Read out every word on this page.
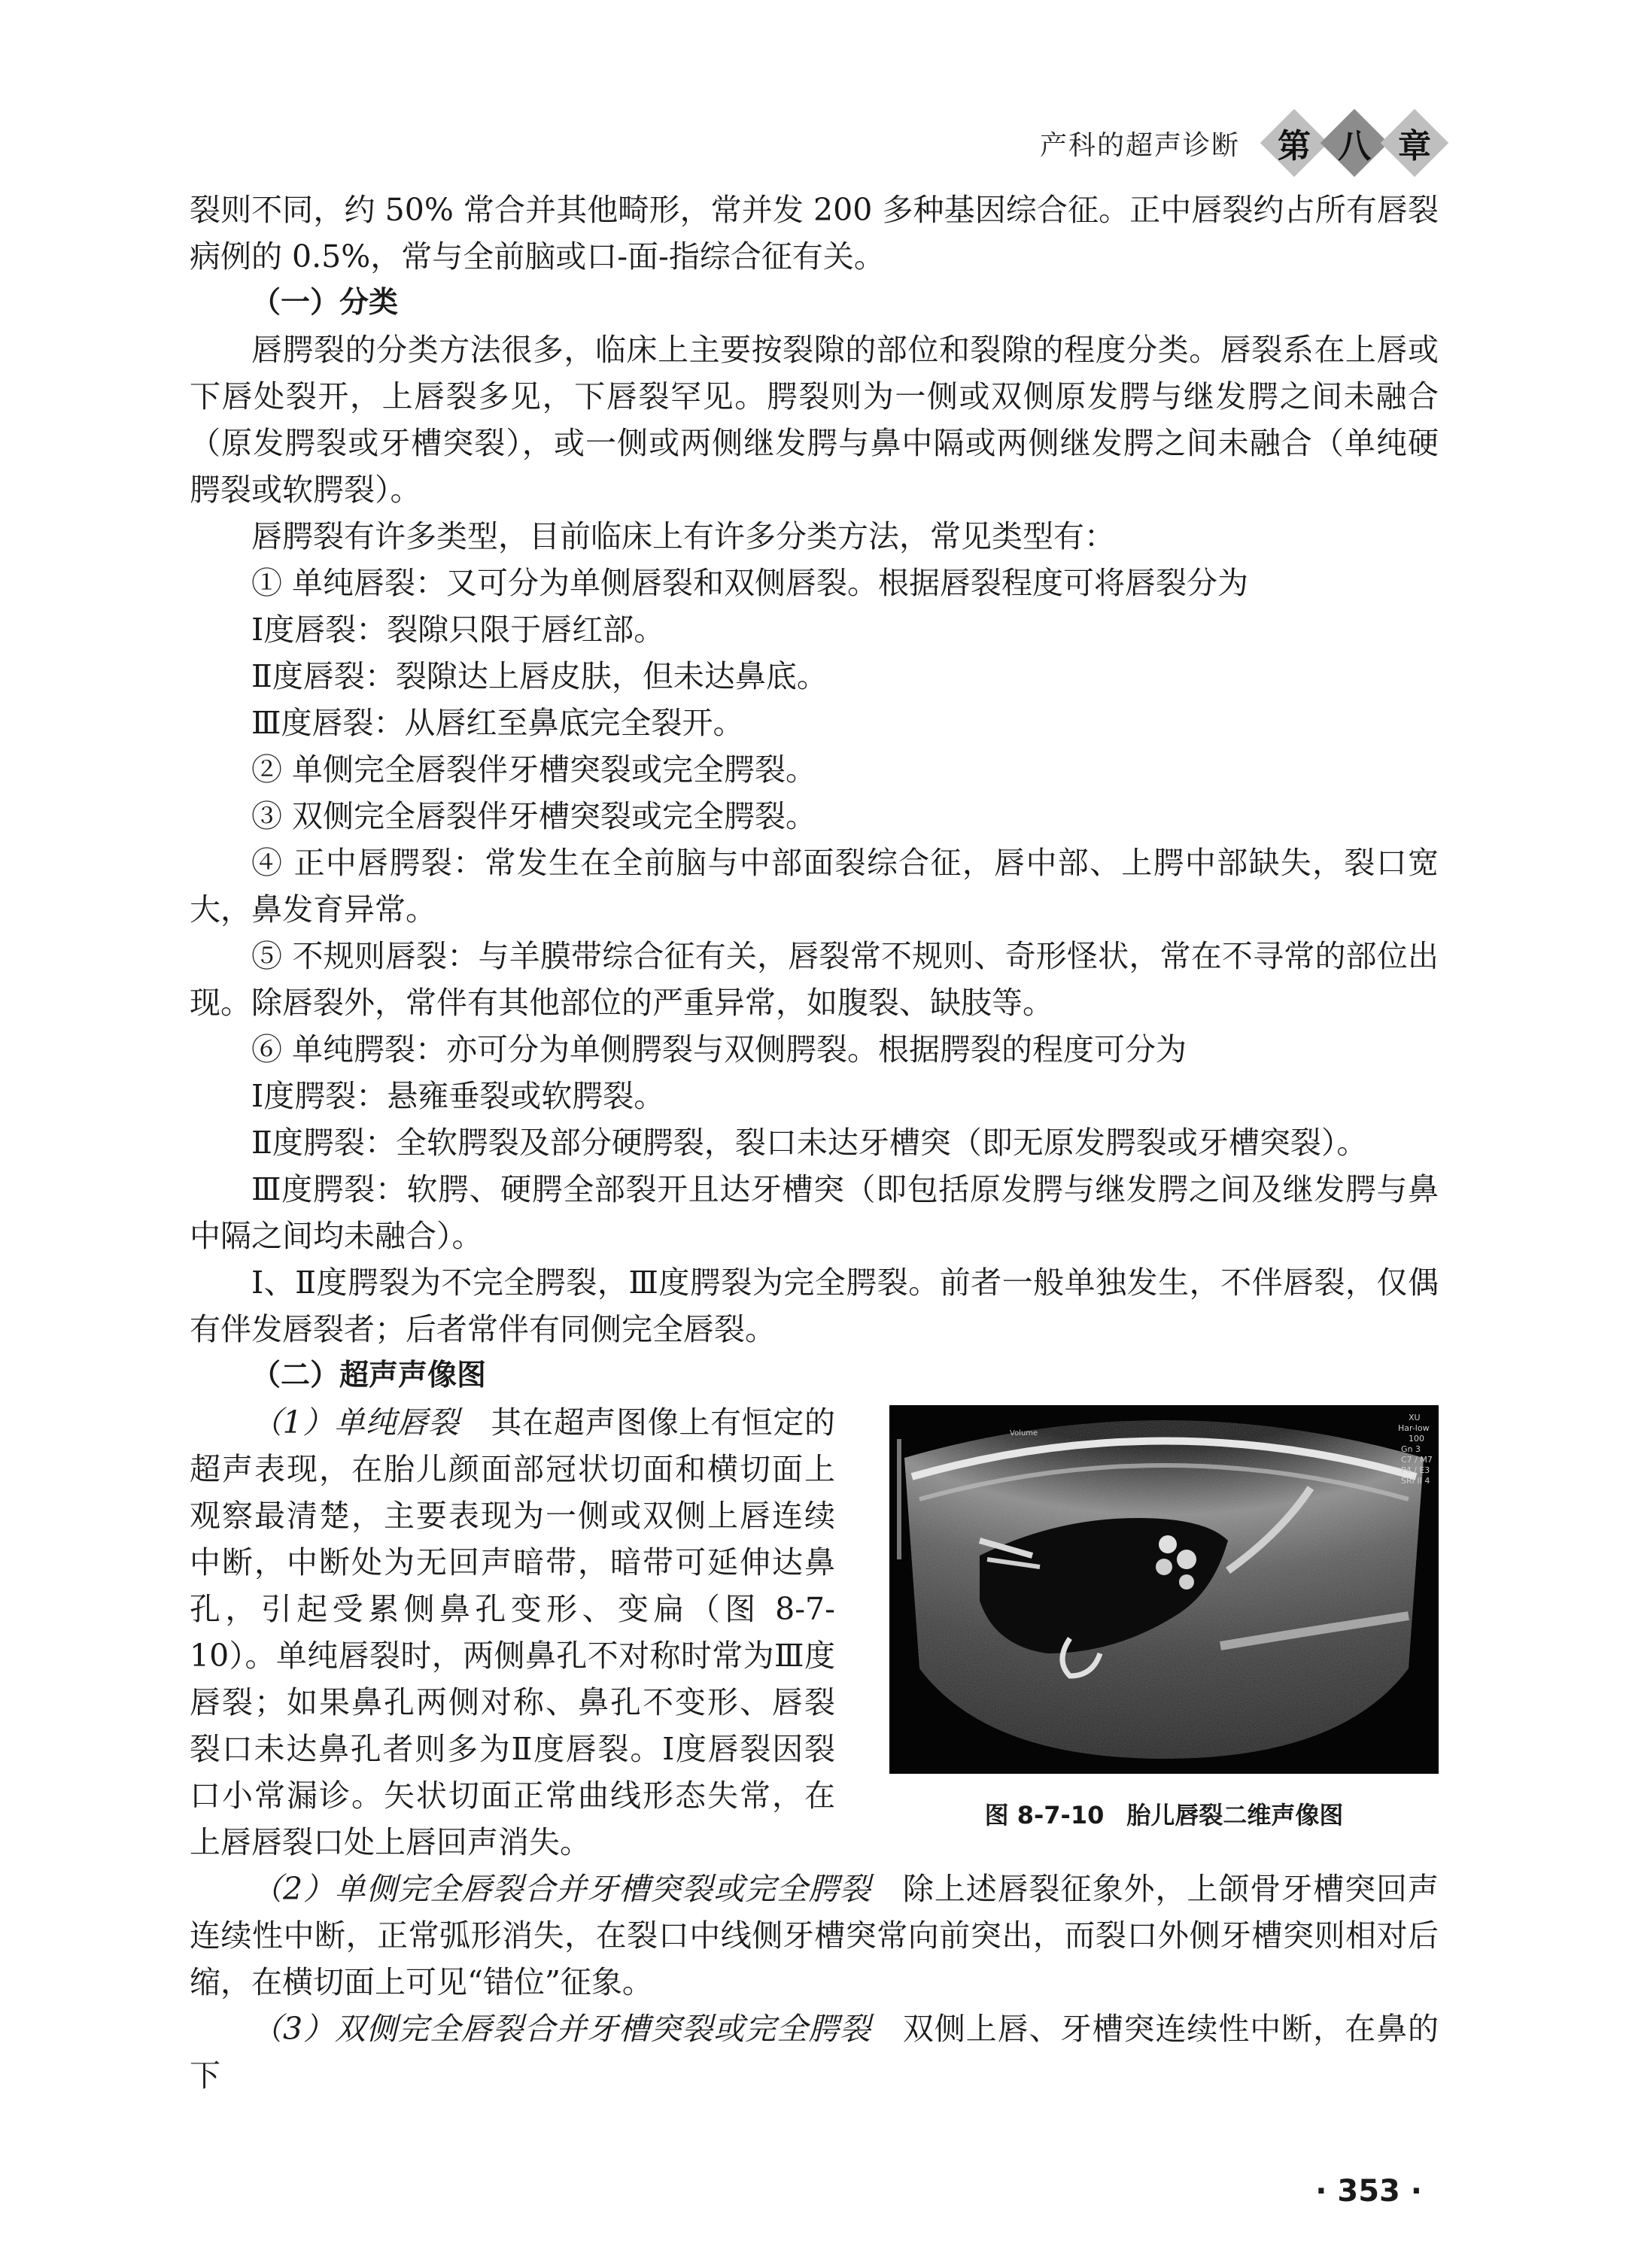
产科的超声诊断 第 八 章

裂则不同，约 50% 常合并其他畸形，常并发 200 多种基因综合征。正中唇裂约占所有唇裂病例的 0.5%，常与全前脑或口-面-指综合征有关。

（一）分类

唇腭裂的分类方法很多，临床上主要按裂隙的部位和裂隙的程度分类。唇裂系在上唇或下唇处裂开，上唇裂多见，下唇裂罕见。腭裂则为一侧或双侧原发腭与继发腭之间未融合（原发腭裂或牙槽突裂），或一侧或两侧继发腭与鼻中隔或两侧继发腭之间未融合（单纯硬腭裂或软腭裂）。

唇腭裂有许多类型，目前临床上有许多分类方法，常见类型有：

① 单纯唇裂：又可分为单侧唇裂和双侧唇裂。根据唇裂程度可将唇裂分为

Ⅰ度唇裂：裂隙只限于唇红部。

Ⅱ度唇裂：裂隙达上唇皮肤，但未达鼻底。

Ⅲ度唇裂：从唇红至鼻底完全裂开。

② 单侧完全唇裂伴牙槽突裂或完全腭裂。

③ 双侧完全唇裂伴牙槽突裂或完全腭裂。

④ 正中唇腭裂：常发生在全前脑与中部面裂综合征，唇中部、上腭中部缺失，裂口宽大，鼻发育异常。

⑤ 不规则唇裂：与羊膜带综合征有关，唇裂常不规则、奇形怪状，常在不寻常的部位出现。除唇裂外，常伴有其他部位的严重异常，如腹裂、缺肢等。

⑥ 单纯腭裂：亦可分为单侧腭裂与双侧腭裂。根据腭裂的程度可分为

Ⅰ度腭裂：悬雍垂裂或软腭裂。

Ⅱ度腭裂：全软腭裂及部分硬腭裂，裂口未达牙槽突（即无原发腭裂或牙槽突裂）。

Ⅲ度腭裂：软腭、硬腭全部裂开且达牙槽突（即包括原发腭与继发腭之间及继发腭与鼻中隔之间均未融合）。

Ⅰ、Ⅱ度腭裂为不完全腭裂，Ⅲ度腭裂为完全腭裂。前者一般单独发生，不伴唇裂，仅偶有伴发唇裂者；后者常伴有同侧完全唇裂。

（二）超声声像图

（1）单纯唇裂　 其在超声图像上有恒定的超声表现，在胎儿颜面部冠状切面和横切面上观察最清楚，主要表现为一侧或双侧上唇连续中断，中断处为无回声暗带，暗带可延伸达鼻孔，引起受累侧鼻孔变形、变扁（图 8-7-10）。单纯唇裂时，两侧鼻孔不对称时常为Ⅲ度唇裂；如果鼻孔两侧对称、鼻孔不变形、唇裂裂口未达鼻孔者则多为Ⅱ度唇裂。Ⅰ度唇裂因裂口小常漏诊。矢状切面正常曲线形态失常，在上唇唇裂口处上唇回声消失。

Volume
XU
Har-low
100
Gn 3
C7 / M7
P4 / E3
SRI II 4
图 8-7-10 胎儿唇裂二维声像图

（2）单侧完全唇裂合并牙槽突裂或完全腭裂　 除上述唇裂征象外，上颌骨牙槽突回声连续性中断，正常弧形消失，在裂口中线侧牙槽突常向前突出，而裂口外侧牙槽突则相对后缩，在横切面上可见“错位”征象。

（3）双侧完全唇裂合并牙槽突裂或完全腭裂　 双侧上唇、牙槽突连续性中断，在鼻的下

· 353 ·
